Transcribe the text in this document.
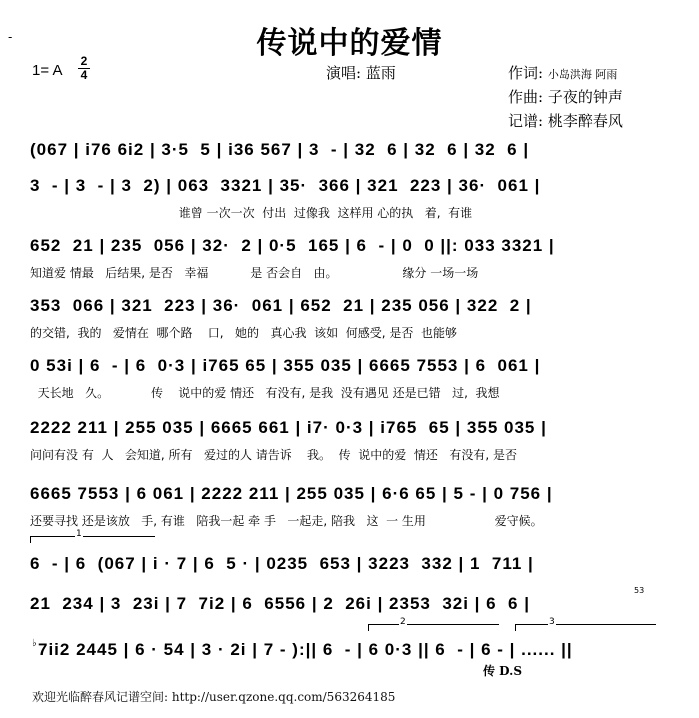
传说中的爱情
-
1= A
2
4	演唱: 蓝雨	作词: 小岛洪海 阿雨
作曲: 子夜的钟声
记谱: 桃李醉春风
(067 | i76 6i2 | 3·5  5 | i36 567 | 3  - | 32  6 | 32  6 | 32  6 |
3  - | 3  - | 3  2) | 063  3321 | 35·  366 | 321  223 | 36·  061 |
谁曾 一次一次  付出  过像我  这样用 心的执   着,  有谁
652  21 | 235  056 | 32·  2 | 0·5  165 | 6  - | 0  0 ||: 033 3321 |
知道爱 情最   后结果, 是否   幸福           是 否会自   由。                 缘分 一场一场
353  066 | 321  223 | 36·  061 | 652  21 | 235 056 | 322  2 |
的交错,  我的   爱情在  哪个路    口,   她的   真心我  该如  何感受, 是否  也能够
0 53i | 6  - | 6  0·3 | i765 65 | 355 035 | 6665 7553 | 6  061 |
天长地   久。           传    说中的爱 情还   有没有, 是我  没有遇见 还是已错   过,  我想
2222 211 | 255 035 | 6665 661 | i7· 0·3 | i765  65 | 355 035 |
问问有没 有  人   会知道, 所有   爱过的人 请告诉    我。  传  说中的爱  情还   有没有, 是否
6665 7553 | 6 061 | 2222 211 | 255 035 | 6·6 65 | 5 - | 0 756 |
还要寻找 还是该放   手, 有谁   陪我一起 牵 手   一起走, 陪我   这  一 生用                  爱守候。
1
6  - | 6  (067 | i · 7 | 6  5 · | 0235  653 | 3223  332 | 1  711 |
21  234 | 3  23i | 7  7i2 | 6  6556 | 2  26i | 2353  32i | 6  6 |
53
2	3
♭ 7ii2 2445 | 6 · 54 | 3 · 2i | 7 - ):|| 6  - | 6 0·3 || 6  - | 6 - | ...... ||
传 D.S
欢迎光临醉春风记谱空间: http://user.qzone.qq.com/563264185
